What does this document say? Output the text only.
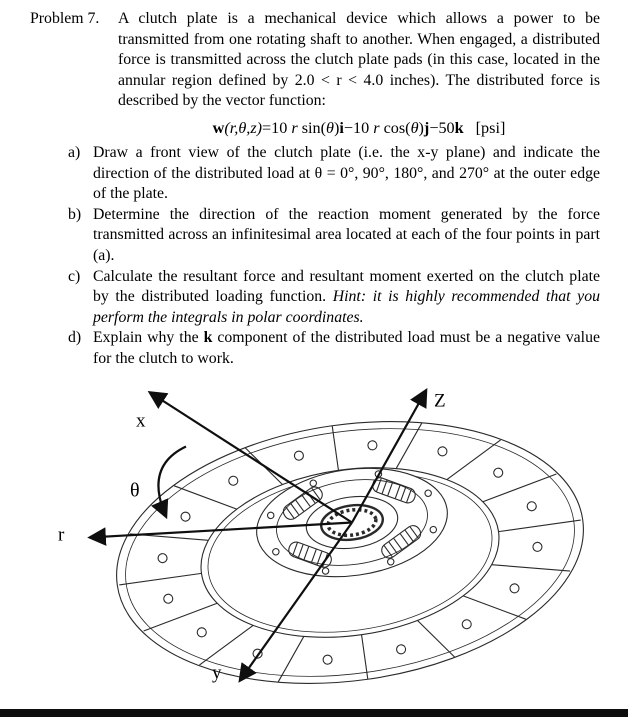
Problem 7.	A clutch plate is a mechanical device which allows a power to be transmitted from one rotating shaft to another. When engaged, a distributed force is transmitted across the clutch plate pads (in this case, located in the annular region defined by 2.0 < r < 4.0 inches). The distributed force is described by the vector function:

w(r,θ,z)=10 r sin(θ)i−10 r cos(θ)j−50k [psi]
a) Draw a front view of the clutch plate (i.e. the x-y plane) and indicate the direction of the distributed load at θ = 0°, 90°, 180°, and 270° at the outer edge of the plate.
b) Determine the direction of the reaction moment generated by the force transmitted across an infinitesimal area located at each of the four points in part (a).
c) Calculate the resultant force and resultant moment exerted on the clutch plate by the distributed loading function. Hint: it is highly recommended that you perform the integrals in polar coordinates.
d) Explain why the k component of the distributed load must be a negative value for the clutch to work.
x
Z
r
y
θ
